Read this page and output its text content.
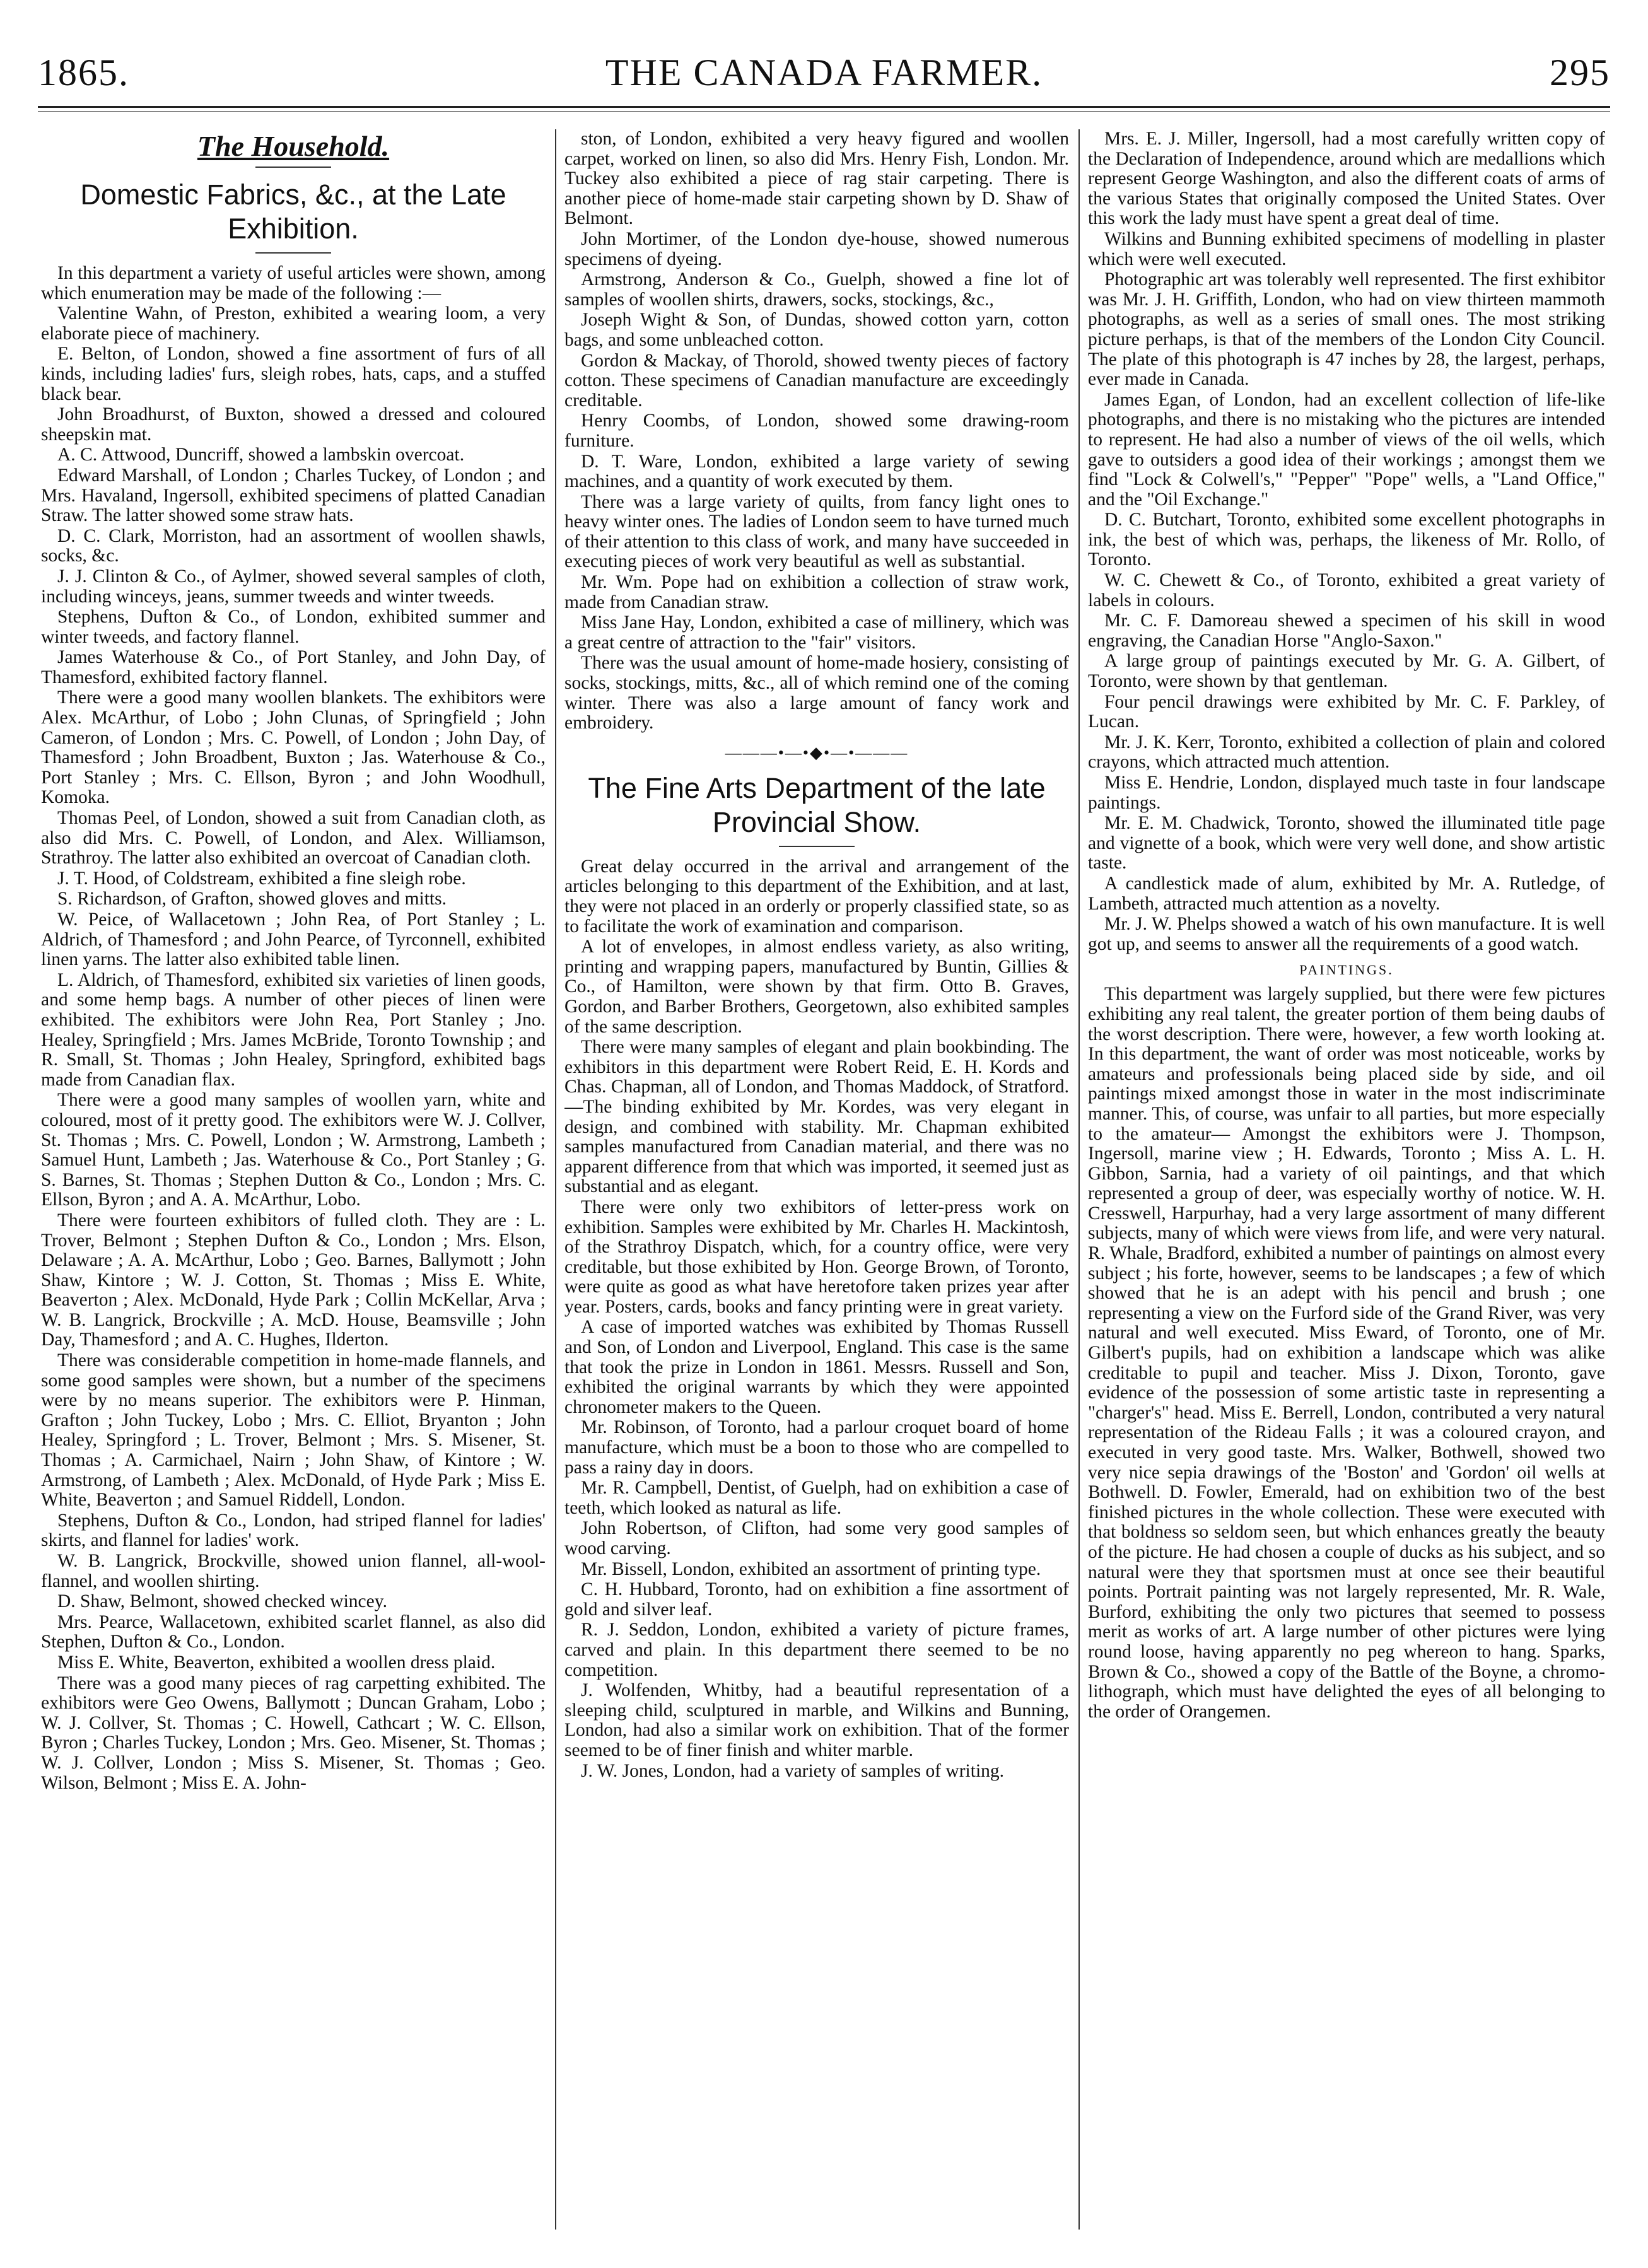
1865.	THE CANADA FARMER.	295
The Household.
Domestic Fabrics, &c., at the Late Exhibition.

In this department a variety of useful articles were shown, among which enumeration may be made of the following :—

Valentine Wahn, of Preston, exhibited a wearing loom, a very elaborate piece of machinery.

E. Belton, of London, showed a fine assortment of furs of all kinds, including ladies' furs, sleigh robes, hats, caps, and a stuffed black bear.

John Broadhurst, of Buxton, showed a dressed and coloured sheepskin mat.

A. C. Attwood, Duncriff, showed a lambskin overcoat.

Edward Marshall, of London ; Charles Tuckey, of London ; and Mrs. Havaland, Ingersoll, exhibited specimens of platted Canadian Straw. The latter showed some straw hats.

D. C. Clark, Morriston, had an assortment of woollen shawls, socks, &c.

J. J. Clinton & Co., of Aylmer, showed several samples of cloth, including winceys, jeans, summer tweeds and winter tweeds.

Stephens, Dufton & Co., of London, exhibited summer and winter tweeds, and factory flannel.

James Waterhouse & Co., of Port Stanley, and John Day, of Thamesford, exhibited factory flannel.

There were a good many woollen blankets. The exhibitors were Alex. McArthur, of Lobo ; John Clunas, of Springfield ; John Cameron, of London ; Mrs. C. Powell, of London ; John Day, of Thamesford ; John Broadbent, Buxton ; Jas. Waterhouse & Co., Port Stanley ; Mrs. C. Ellson, Byron ; and John Woodhull, Komoka.

Thomas Peel, of London, showed a suit from Canadian cloth, as also did Mrs. C. Powell, of London, and Alex. Williamson, Strathroy. The latter also exhibited an overcoat of Canadian cloth.

J. T. Hood, of Coldstream, exhibited a fine sleigh robe.

S. Richardson, of Grafton, showed gloves and mitts.

W. Peice, of Wallacetown ; John Rea, of Port Stanley ; L. Aldrich, of Thamesford ; and John Pearce, of Tyrconnell, exhibited linen yarns. The latter also exhibited table linen.

L. Aldrich, of Thamesford, exhibited six varieties of linen goods, and some hemp bags. A number of other pieces of linen were exhibited. The exhibitors were John Rea, Port Stanley ; Jno. Healey, Springfield ; Mrs. James McBride, Toronto Township ; and R. Small, St. Thomas ; John Healey, Springford, exhibited bags made from Canadian flax.

There were a good many samples of woollen yarn, white and coloured, most of it pretty good. The exhibitors were W. J. Collver, St. Thomas ; Mrs. C. Powell, London ; W. Armstrong, Lambeth ; Samuel Hunt, Lambeth ; Jas. Waterhouse & Co., Port Stanley ; G. S. Barnes, St. Thomas ; Stephen Dutton & Co., London ; Mrs. C. Ellson, Byron ; and A. A. McArthur, Lobo.

There were fourteen exhibitors of fulled cloth. They are : L. Trover, Belmont ; Stephen Dufton & Co., London ; Mrs. Elson, Delaware ; A. A. McArthur, Lobo ; Geo. Barnes, Ballymott ; John Shaw, Kintore ; W. J. Cotton, St. Thomas ; Miss E. White, Beaverton ; Alex. McDonald, Hyde Park ; Collin McKellar, Arva ; W. B. Langrick, Brockville ; A. McD. House, Beamsville ; John Day, Thamesford ; and A. C. Hughes, Ilderton.

There was considerable competition in home-made flannels, and some good samples were shown, but a number of the specimens were by no means superior. The exhibitors were P. Hinman, Grafton ; John Tuckey, Lobo ; Mrs. C. Elliot, Bryanton ; John Healey, Springford ; L. Trover, Belmont ; Mrs. S. Misener, St. Thomas ; A. Carmichael, Nairn ; John Shaw, of Kintore ; W. Armstrong, of Lambeth ; Alex. McDonald, of Hyde Park ; Miss E. White, Beaverton ; and Samuel Riddell, London.

Stephens, Dufton & Co., London, had striped flannel for ladies' skirts, and flannel for ladies' work.

W. B. Langrick, Brockville, showed union flannel, all-wool-flannel, and woollen shirting.

D. Shaw, Belmont, showed checked wincey.

Mrs. Pearce, Wallacetown, exhibited scarlet flannel, as also did Stephen, Dufton & Co., London.

Miss E. White, Beaverton, exhibited a woollen dress plaid.

There was a good many pieces of rag carpetting exhibited. The exhibitors were Geo Owens, Ballymott ; Duncan Graham, Lobo ; W. J. Collver, St. Thomas ; C. Howell, Cathcart ; W. C. Ellson, Byron ; Charles Tuckey, London ; Mrs. Geo. Misener, St. Thomas ; W. J. Collver, London ; Miss S. Misener, St. Thomas ; Geo. Wilson, Belmont ; Miss E. A. John-

ston, of London, exhibited a very heavy figured and woollen carpet, worked on linen, so also did Mrs. Henry Fish, London. Mr. Tuckey also exhibited a piece of rag stair carpeting. There is another piece of home-made stair carpeting shown by D. Shaw of Belmont.

John Mortimer, of the London dye-house, showed numerous specimens of dyeing.

Armstrong, Anderson & Co., Guelph, showed a fine lot of samples of woollen shirts, drawers, socks, stockings, &c.,

Joseph Wight & Son, of Dundas, showed cotton yarn, cotton bags, and some unbleached cotton.

Gordon & Mackay, of Thorold, showed twenty pieces of factory cotton. These specimens of Canadian manufacture are exceedingly creditable.

Henry Coombs, of London, showed some drawing-room furniture.

D. T. Ware, London, exhibited a large variety of sewing machines, and a quantity of work executed by them.

There was a large variety of quilts, from fancy light ones to heavy winter ones. The ladies of London seem to have turned much of their attention to this class of work, and many have succeeded in executing pieces of work very beautiful as well as substantial.

Mr. Wm. Pope had on exhibition a collection of straw work, made from Canadian straw.

Miss Jane Hay, London, exhibited a case of millinery, which was a great centre of attraction to the "fair" visitors.

There was the usual amount of home-made hosiery, consisting of socks, stockings, mitts, &c., all of which remind one of the coming winter. There was also a large amount of fancy work and embroidery.

———•—•◆•—•———
The Fine Arts Department of the late Provincial Show.

Great delay occurred in the arrival and arrangement of the articles belonging to this department of the Exhibition, and at last, they were not placed in an orderly or properly classified state, so as to facilitate the work of examination and comparison.

A lot of envelopes, in almost endless variety, as also writing, printing and wrapping papers, manufactured by Buntin, Gillies & Co., of Hamilton, were shown by that firm. Otto B. Graves, Gordon, and Barber Brothers, Georgetown, also exhibited samples of the same description.

There were many samples of elegant and plain bookbinding. The exhibitors in this department were Robert Reid, E. H. Kords and Chas. Chapman, all of London, and Thomas Maddock, of Stratford.—The binding exhibited by Mr. Kordes, was very elegant in design, and combined with stability. Mr. Chapman exhibited samples manufactured from Canadian material, and there was no apparent difference from that which was imported, it seemed just as substantial and as elegant.

There were only two exhibitors of letter-press work on exhibition. Samples were exhibited by Mr. Charles H. Mackintosh, of the Strathroy Dispatch, which, for a country office, were very creditable, but those exhibited by Hon. George Brown, of Toronto, were quite as good as what have heretofore taken prizes year after year. Posters, cards, books and fancy printing were in great variety.

A case of imported watches was exhibited by Thomas Russell and Son, of London and Liverpool, England. This case is the same that took the prize in London in 1861. Messrs. Russell and Son, exhibited the original warrants by which they were appointed chronometer makers to the Queen.

Mr. Robinson, of Toronto, had a parlour croquet board of home manufacture, which must be a boon to those who are compelled to pass a rainy day in doors.

Mr. R. Campbell, Dentist, of Guelph, had on exhibition a case of teeth, which looked as natural as life.

John Robertson, of Clifton, had some very good samples of wood carving.

Mr. Bissell, London, exhibited an assortment of printing type.

C. H. Hubbard, Toronto, had on exhibition a fine assortment of gold and silver leaf.

R. J. Seddon, London, exhibited a variety of picture frames, carved and plain. In this department there seemed to be no competition.

J. Wolfenden, Whitby, had a beautiful representation of a sleeping child, sculptured in marble, and Wilkins and Bunning, London, had also a similar work on exhibition. That of the former seemed to be of finer finish and whiter marble.

J. W. Jones, London, had a variety of samples of writing.

Mrs. E. J. Miller, Ingersoll, had a most carefully written copy of the Declaration of Independence, around which are medallions which represent George Washington, and also the different coats of arms of the various States that originally composed the United States. Over this work the lady must have spent a great deal of time.

Wilkins and Bunning exhibited specimens of modelling in plaster which were well executed.

Photographic art was tolerably well represented. The first exhibitor was Mr. J. H. Griffith, London, who had on view thirteen mammoth photographs, as well as a series of small ones. The most striking picture perhaps, is that of the members of the London City Council. The plate of this photograph is 47 inches by 28, the largest, perhaps, ever made in Canada.

James Egan, of London, had an excellent collection of life-like photographs, and there is no mistaking who the pictures are intended to represent. He had also a number of views of the oil wells, which gave to outsiders a good idea of their workings ; amongst them we find "Lock & Colwell's," "Pepper" "Pope" wells, a "Land Office," and the "Oil Exchange."

D. C. Butchart, Toronto, exhibited some excellent photographs in ink, the best of which was, perhaps, the likeness of Mr. Rollo, of Toronto.

W. C. Chewett & Co., of Toronto, exhibited a great variety of labels in colours.

Mr. C. F. Damoreau shewed a specimen of his skill in wood engraving, the Canadian Horse "Anglo-Saxon."

A large group of paintings executed by Mr. G. A. Gilbert, of Toronto, were shown by that gentleman.

Four pencil drawings were exhibited by Mr. C. F. Parkley, of Lucan.

Mr. J. K. Kerr, Toronto, exhibited a collection of plain and colored crayons, which attracted much attention.

Miss E. Hendrie, London, displayed much taste in four landscape paintings.

Mr. E. M. Chadwick, Toronto, showed the illuminated title page and vignette of a book, which were very well done, and show artistic taste.

A candlestick made of alum, exhibited by Mr. A. Rutledge, of Lambeth, attracted much attention as a novelty.

Mr. J. W. Phelps showed a watch of his own manufacture. It is well got up, and seems to answer all the requirements of a good watch.

PAINTINGS.

This department was largely supplied, but there were few pictures exhibiting any real talent, the greater portion of them being daubs of the worst description. There were, however, a few worth looking at. In this department, the want of order was most noticeable, works by amateurs and professionals being placed side by side, and oil paintings mixed amongst those in water in the most indiscriminate manner. This, of course, was unfair to all parties, but more especially to the amateur— Amongst the exhibitors were J. Thompson, Ingersoll, marine view ; H. Edwards, Toronto ; Miss A. L. H. Gibbon, Sarnia, had a variety of oil paintings, and that which represented a group of deer, was especially worthy of notice. W. H. Cresswell, Harpurhay, had a very large assortment of many different subjects, many of which were views from life, and were very natural. R. Whale, Bradford, exhibited a number of paintings on almost every subject ; his forte, however, seems to be landscapes ; a few of which showed that he is an adept with his pencil and brush ; one representing a view on the Furford side of the Grand River, was very natural and well executed. Miss Eward, of Toronto, one of Mr. Gilbert's pupils, had on exhibition a landscape which was alike creditable to pupil and teacher. Miss J. Dixon, Toronto, gave evidence of the possession of some artistic taste in representing a "charger's" head. Miss E. Berrell, London, contributed a very natural representation of the Rideau Falls ; it was a coloured crayon, and executed in very good taste. Mrs. Walker, Bothwell, showed two very nice sepia drawings of the 'Boston' and 'Gordon' oil wells at Bothwell. D. Fowler, Emerald, had on exhibition two of the best finished pictures in the whole collection. These were executed with that boldness so seldom seen, but which enhances greatly the beauty of the picture. He had chosen a couple of ducks as his subject, and so natural were they that sportsmen must at once see their beautiful points. Portrait painting was not largely represented, Mr. R. Wale, Burford, exhibiting the only two pictures that seemed to possess merit as works of art. A large number of other pictures were lying round loose, having apparently no peg whereon to hang. Sparks, Brown & Co., showed a copy of the Battle of the Boyne, a chromo-lithograph, which must have delighted the eyes of all belonging to the order of Orangemen.
